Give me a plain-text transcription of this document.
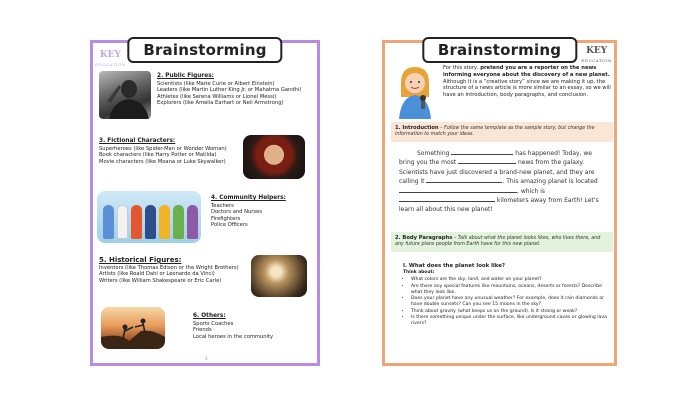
KEY
EDUCATION
Brainstorming
2. Public Figures:
Scientists (like Marie Curie or Albert Einstein)
Leaders (like Martin Luther King Jr. or Mahatma Gandhi)
Athletes (like Serena Williams or Lionel Messi)
Explorers (like Amelia Earhart or Neil Armstrong)
3. Fictional Characters:
Superheroes (like Spider-Man or Wonder Woman)
Book characters (like Harry Potter or Matilda)
Movie characters (like Moana or Luke Skywalker)
4. Community Helpers:
Teachers
Doctors and Nurses
Firefighters
Police Officers
5. Historical Figures:
Inventors (like Thomas Edison or the Wright Brothers)
Artists (like Roald Dahl or Leonardo da Vinci)
Writers (like William Shakespeare or Eric Carle)
6. Others:
Sports Coaches
Friends
Local heroes in the community
3
Brainstorming	KEY
EDUCATION
For this story, pretend you are a reporter on the news informing everyone about the discovery of a new planet. Although it is a “creative story” since we are making it up, the structure of a news article is more similar to an essay, so we will have an introduction, body paragraphs, and conclusion.
1. Introduction – Follow the same template as the sample story, but change the information to match your ideas.
Something	has happened! Today, we bring you the most	news from the galaxy. Scientists have just discovered a brand-new planet, and they are calling it	. This amazing planet is located , which is  kilometers away from Earth! Let’s learn all about this new planet!
2. Body Paragraphs – Talk about what the planet looks likes, who lives there, and any future plans people from Earth have for this new planet.
I. What does the planet look like?
Think about:
• What colors are the sky, land, and water on your planet?
• Are there any special features like mountains, oceans, deserts or forests? Describe what they look like.
• Does your planet have any unusual weather? For example, does it rain diamonds or have double sunsets? Can you see 15 moons in the sky?
• Think about gravity (what keeps us on the ground). Is it strong or weak?
• Is there something unique under the surface, like underground caves or glowing lava rivers?
